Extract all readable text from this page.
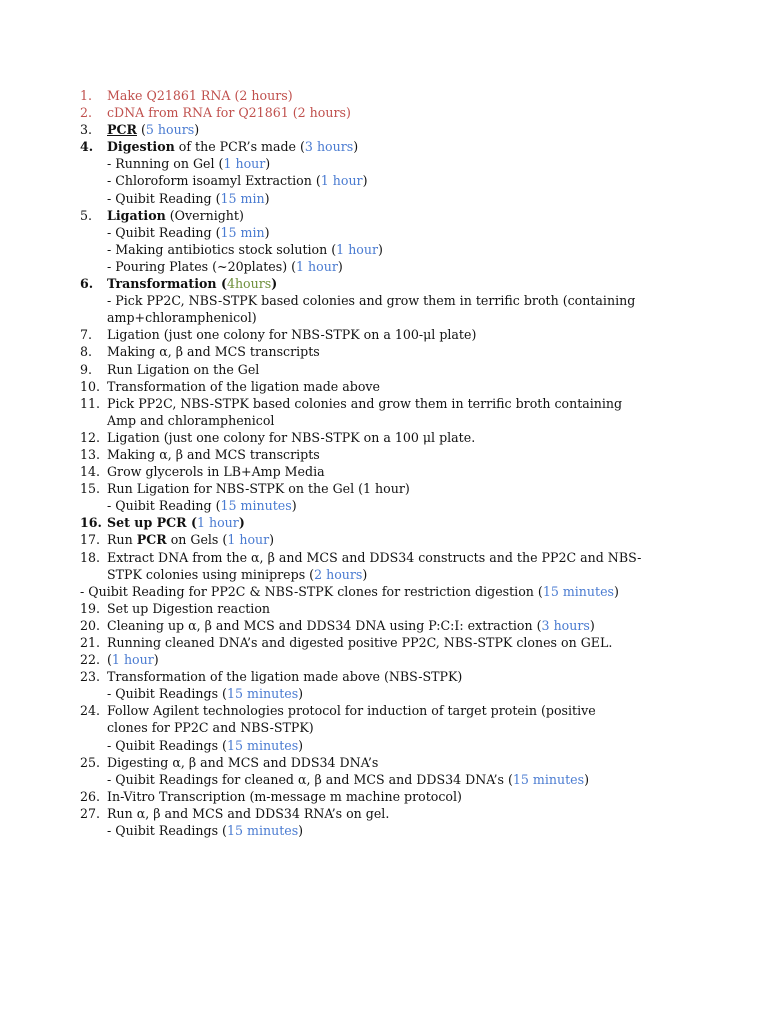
1. Make Q21861 RNA (2 hours)
2. cDNA from RNA for Q21861 (2 hours)
3. PCR (5 hours)
4. Digestion of the PCR’s made (3 hours)
- Running on Gel (1 hour)
- Chloroform isoamyl Extraction (1 hour)
- Quibit Reading (15 min)
5. Ligation (Overnight)
- Quibit Reading (15 min)
- Making antibiotics stock solution (1 hour)
- Pouring Plates (~20plates) (1 hour)
6. Transformation (4hours)
- Pick PP2C, NBS-STPK based colonies and grow them in terrific broth (containing
amp+chloramphenicol)
7. Ligation (just one colony for NBS-STPK on a 100-μl plate)
8. Making α, β and MCS transcripts
9. Run Ligation on the Gel
10. Transformation of the ligation made above
11. Pick PP2C, NBS-STPK based colonies and grow them in terrific broth containing
Amp and chloramphenicol
12. Ligation (just one colony for NBS-STPK on a 100 μl plate.
13. Making α, β and MCS transcripts
14. Grow glycerols in LB+Amp Media
15. Run Ligation for NBS-STPK on the Gel (1 hour)
- Quibit Reading (15 minutes)
16. Set up PCR (1 hour)
17. Run PCR on Gels (1 hour)
18. Extract DNA from the α, β and MCS and DDS34 constructs and the PP2C and NBS-
STPK colonies using minipreps (2 hours)
- Quibit Reading for PP2C & NBS-STPK clones for restriction digestion (15 minutes)
19. Set up Digestion reaction
20. Cleaning up α, β and MCS and DDS34 DNA using P:C:I: extraction (3 hours)
21. Running cleaned DNA’s and digested positive PP2C, NBS-STPK clones on GEL.
22. (1 hour)
23. Transformation of the ligation made above (NBS-STPK)
- Quibit Readings (15 minutes)
24. Follow Agilent technologies protocol for induction of target protein (positive
clones for PP2C and NBS-STPK)
- Quibit Readings (15 minutes)
25. Digesting α, β and MCS and DDS34 DNA’s
- Quibit Readings for cleaned α, β and MCS and DDS34 DNA’s (15 minutes)
26. In-Vitro Transcription (m-message m machine protocol)
27. Run α, β and MCS and DDS34 RNA’s on gel.
- Quibit Readings (15 minutes)
